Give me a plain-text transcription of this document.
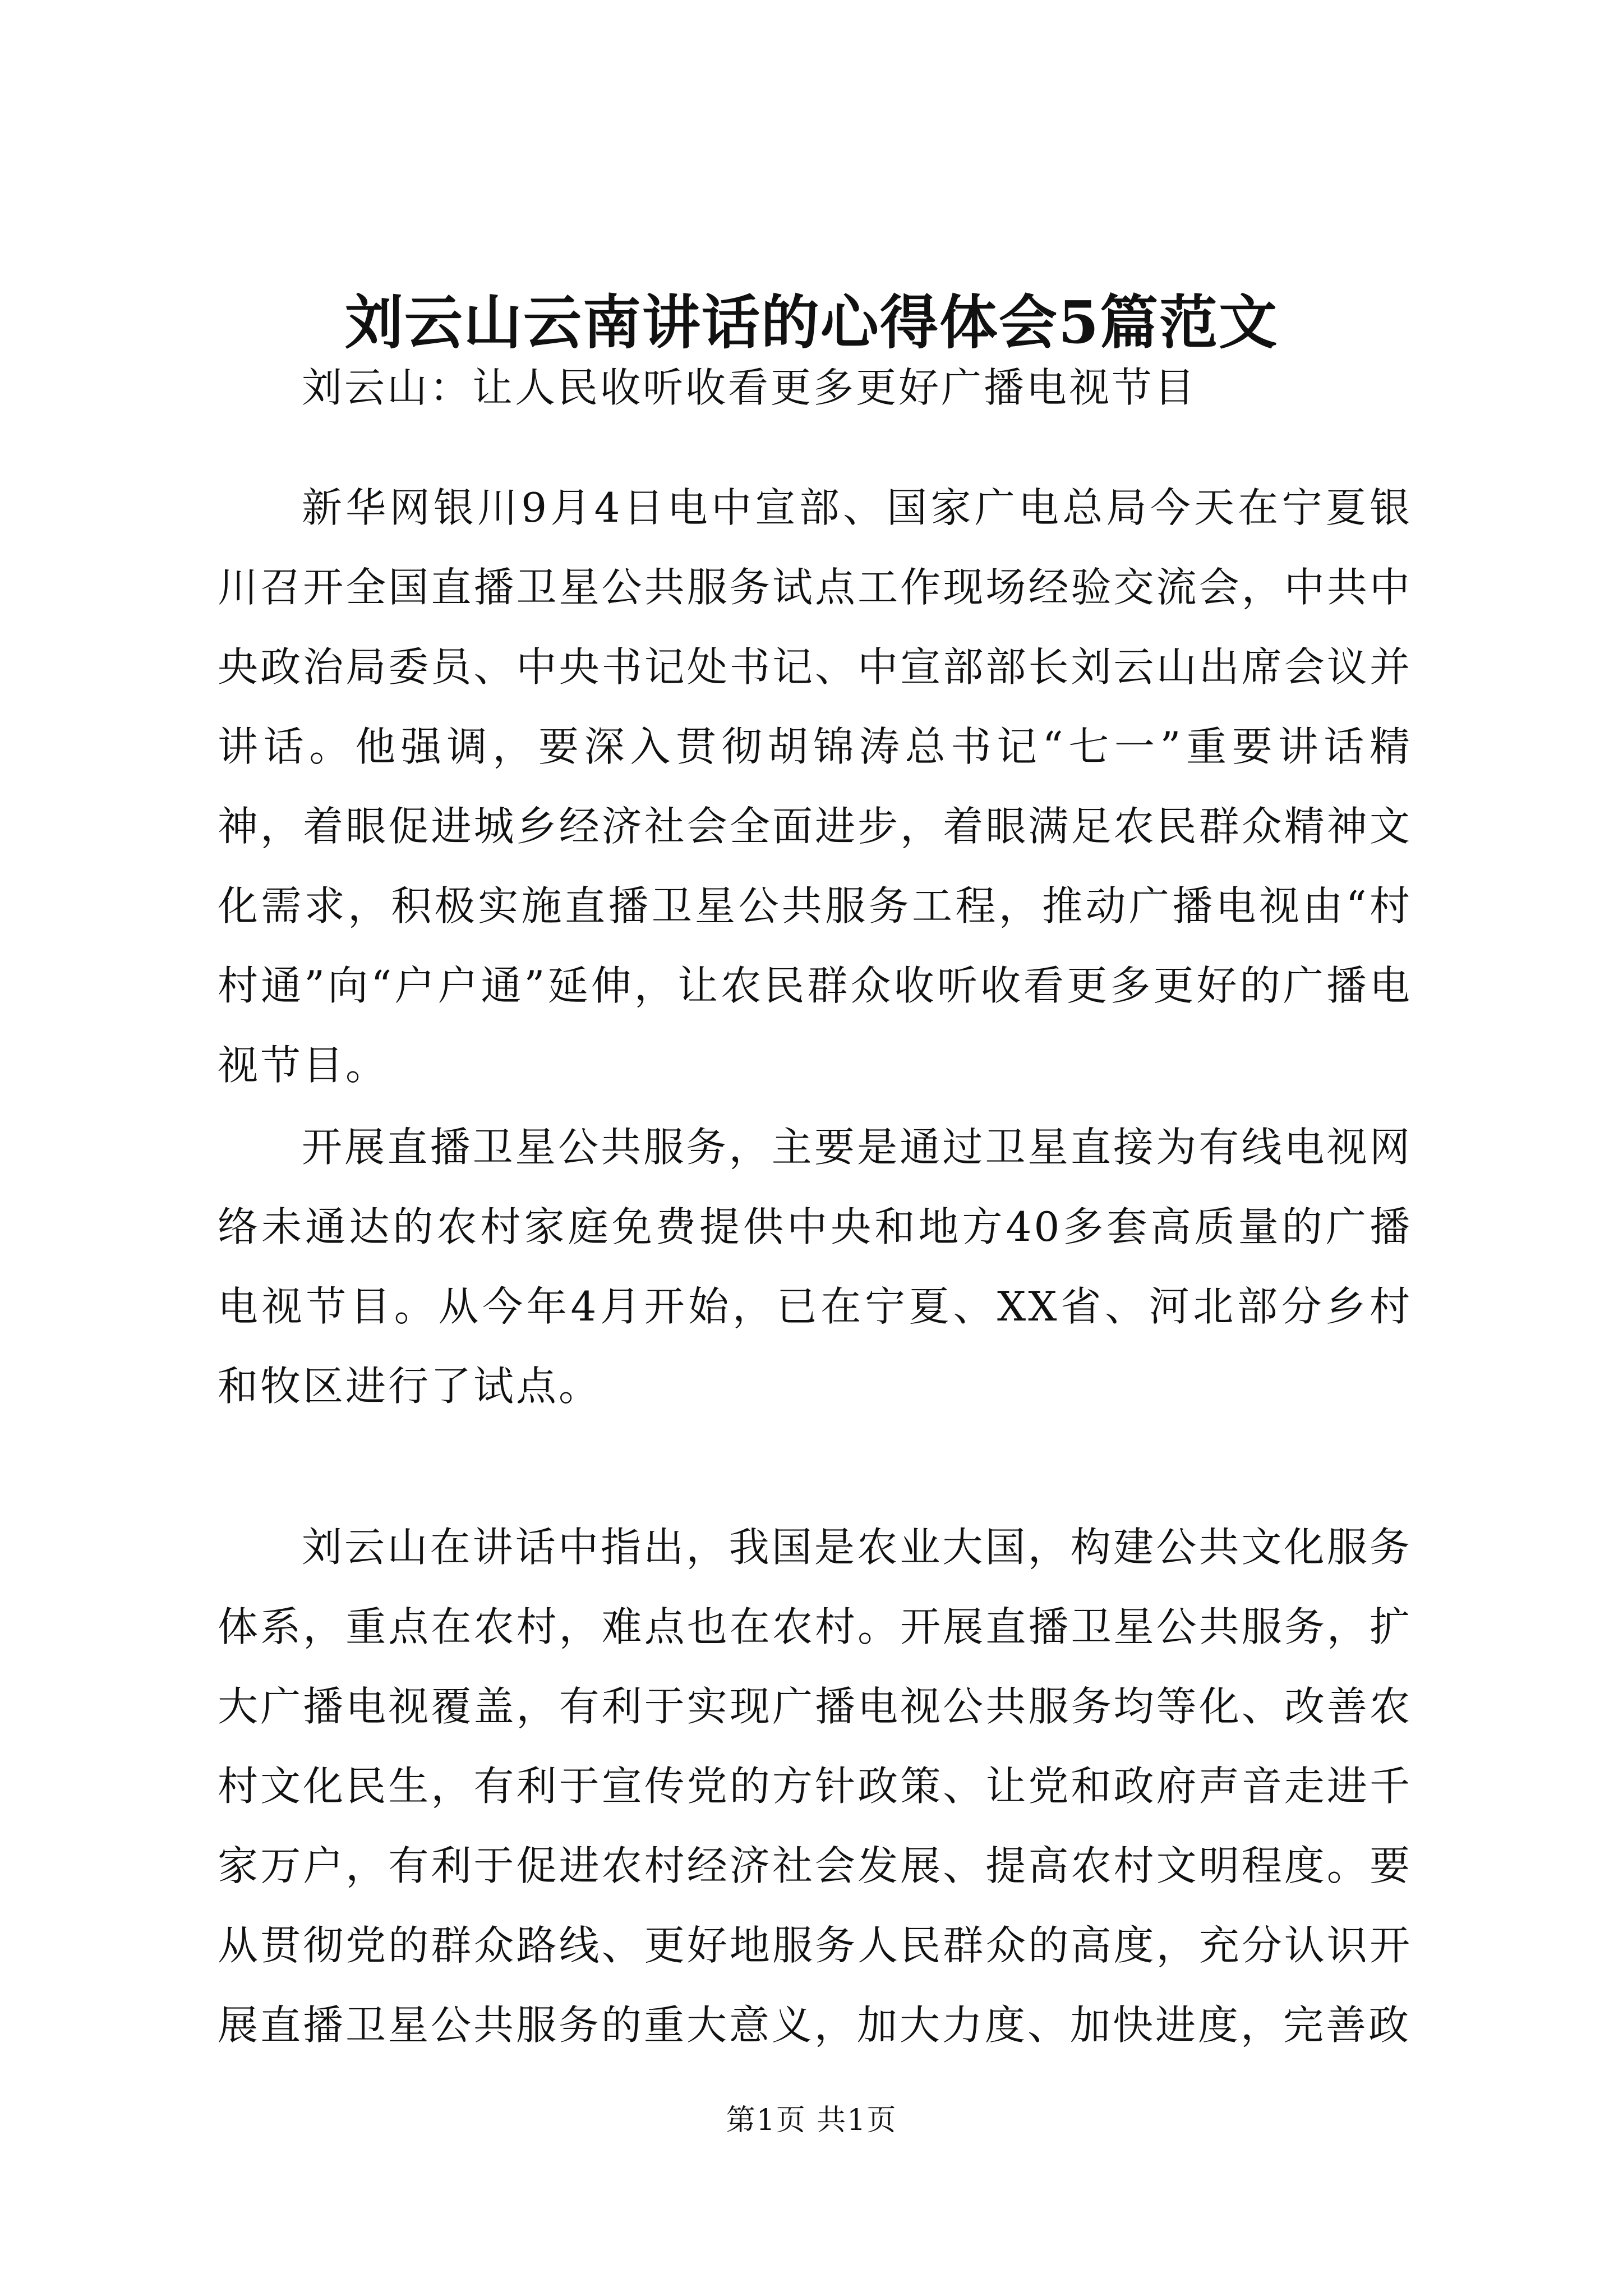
刘云山云南讲话的心得体会5篇范文

刘云山：让人民收听收看更多更好广播电视节目

新华网银川9月4日电中宣部、国家广电总局今天在宁夏银川召开全国直播卫星公共服务试点工作现场经验交流会，中共中央政治局委员、中央书记处书记、中宣部部长刘云山出席会议并讲话。他强调，要深入贯彻胡锦涛总书记“七一”重要讲话精神，着眼促进城乡经济社会全面进步，着眼满足农民群众精神文化需求，积极实施直播卫星公共服务工程，推动广播电视由“村村通”向“户户通”延伸，让农民群众收听收看更多更好的广播电视节目。

开展直播卫星公共服务，主要是通过卫星直接为有线电视网络未通达的农村家庭免费提供中央和地方40多套高质量的广播电视节目。从今年4月开始，已在宁夏、XX省、河北部分乡村和牧区进行了试点。

刘云山在讲话中指出，我国是农业大国，构建公共文化服务体系，重点在农村，难点也在农村。开展直播卫星公共服务，扩大广播电视覆盖，有利于实现广播电视公共服务均等化、改善农村文化民生，有利于宣传党的方针政策、让党和政府声音走进千家万户，有利于促进农村经济社会发展、提高农村文明程度。要从贯彻党的群众路线、更好地服务人民群众的高度，充分认识开展直播卫星公共服务的重大意义，加大力度、加快进度，完善政

第1页 共1页
